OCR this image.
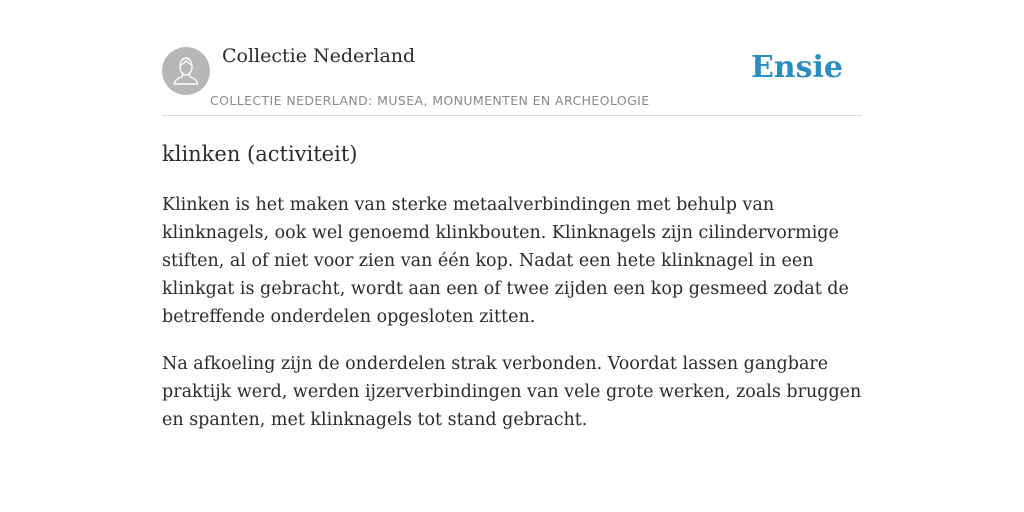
Collectie Nederland
COLLECTIE NEDERLAND: MUSEA, MONUMENTEN EN ARCHEOLOGIE
Ensie
klinken (activiteit)

Klinken is het maken van sterke metaalverbindingen met behulp van klinknagels, ook wel genoemd klinkbouten. Klinknagels zijn cilindervormige stiften, al of niet voor zien van één kop. Nadat een hete klinknagel in een klinkgat is gebracht, wordt aan een of twee zijden een kop gesmeed zodat de betreffende onderdelen opgesloten zitten.

Na afkoeling zijn de onderdelen strak verbonden. Voordat lassen gangbare praktijk werd, werden ijzerverbindingen van vele grote werken, zoals bruggen en spanten, met klinknagels tot stand gebracht.
